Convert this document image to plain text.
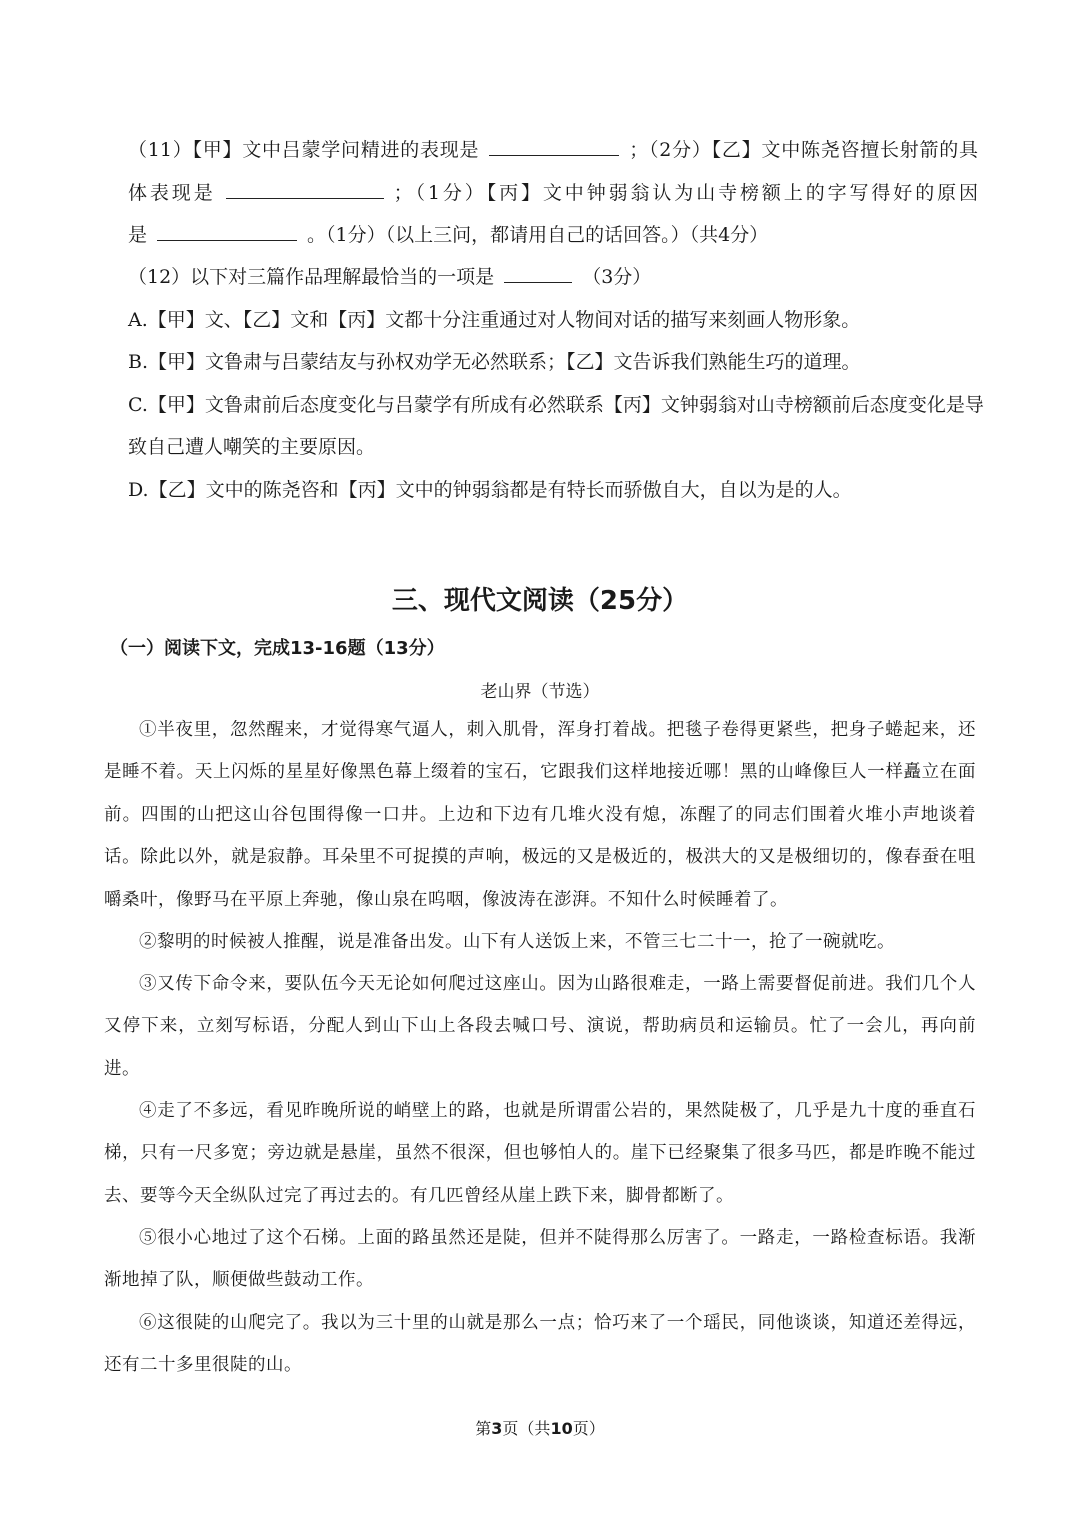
（11）【甲】文中吕蒙学问精进的表现是	；（2分）【乙】文中陈尧咨擅长射箭的具
体表现是	；（1分）【丙】文中钟弱翁认为山寺榜额上的字写得好的原因
是	。（1分）（以上三问，都请用自己的话回答。）（共4分）
（12）以下对三篇作品理解最恰当的一项是	（3分）
A.【甲】文、【乙】文和【丙】文都十分注重通过对人物间对话的描写来刻画人物形象。
B.【甲】文鲁肃与吕蒙结友与孙权劝学无必然联系；【乙】文告诉我们熟能生巧的道理。
C.【甲】文鲁肃前后态度变化与吕蒙学有所成有必然联系【丙】文钟弱翁对山寺榜额前后态度变化是导
致自己遭人嘲笑的主要原因。
D.【乙】文中的陈尧咨和【丙】文中的钟弱翁都是有特长而骄傲自大，自以为是的人。
三、现代文阅读（25分）
（一）阅读下文，完成13-16题（13分）
老山界（节选）

①半夜里，忽然醒来，才觉得寒气逼人，刺入肌骨，浑身打着战。把毯子卷得更紧些，把身子蜷起来，还是睡不着。天上闪烁的星星好像黑色幕上缀着的宝石，它跟我们这样地接近哪！黑的山峰像巨人一样矗立在面前。四围的山把这山谷包围得像一口井。上边和下边有几堆火没有熄，冻醒了的同志们围着火堆小声地谈着话。除此以外，就是寂静。耳朵里不可捉摸的声响，极远的又是极近的，极洪大的又是极细切的，像春蚕在咀嚼桑叶，像野马在平原上奔驰，像山泉在呜咽，像波涛在澎湃。不知什么时候睡着了。

②黎明的时候被人推醒，说是准备出发。山下有人送饭上来，不管三七二十一，抢了一碗就吃。

③又传下命令来，要队伍今天无论如何爬过这座山。因为山路很难走，一路上需要督促前进。我们几个人又停下来，立刻写标语，分配人到山下山上各段去喊口号、演说，帮助病员和运输员。忙了一会儿，再向前进。

④走了不多远，看见昨晚所说的峭壁上的路，也就是所谓雷公岩的，果然陡极了，几乎是九十度的垂直石梯，只有一尺多宽；旁边就是悬崖，虽然不很深，但也够怕人的。崖下已经聚集了很多马匹，都是昨晚不能过去、要等今天全纵队过完了再过去的。有几匹曾经从崖上跌下来，脚骨都断了。

⑤很小心地过了这个石梯。上面的路虽然还是陡，但并不陡得那么厉害了。一路走，一路检查标语。我渐渐地掉了队，顺便做些鼓动工作。

⑥这很陡的山爬完了。我以为三十里的山就是那么一点；恰巧来了一个瑶民，同他谈谈，知道还差得远，还有二十多里很陡的山。

第3页（共10页）
